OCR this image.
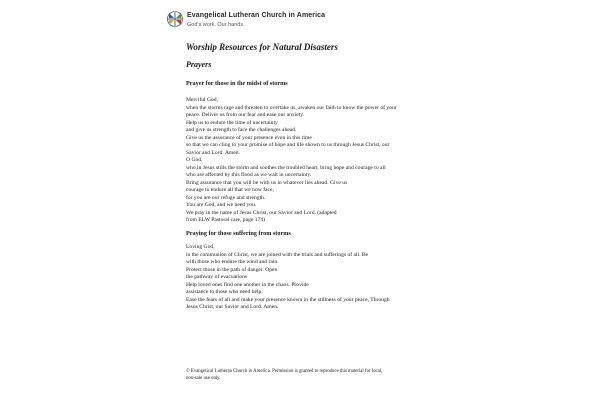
Evangelical Lutheran Church in America
God's work. Our hands.
Worship Resources for Natural Disasters
Prayers
Prayer for those in the midst of storms
Merciful God,
when the storms rage and threaten to overtake us, awaken our faith to know the power of your
peace. Deliver us from our fear and ease our anxiety.
Help us to endure the time of uncertainty
and give us strength to face the challenges ahead.
Give us the assurance of your presence even in this time
so that we can cling to your promise of hope and life shown to us through Jesus Christ, our
Savior and Lord. Amen.
O God,
who in Jesus stills the storm and soothes the troubled heart, bring hope and courage to all
who are affected by this flood as we wait in uncertainty.
Bring assurance that you will be with us in whatever lies ahead. Give us
courage to endure all that we now face,
for you are our refuge and strength.
You are God, and we need you.
We pray in the name of Jesus Christ, our Savior and Lord. (adapted
from ELW Pastoral care, page 174)
Praying for those suffering from storms
Loving God,
in the communion of Christ, we are joined with the trials and sufferings of all. Be
with those who endure the wind and rain.
Protect those in the path of danger. Open
the pathway of evacuations
Help loved ones find one another in the chaos. Provide
assistance to those who need help.
Ease the fears of all and make your presence known in the stillness of your peace, Through
Jesus Christ, our Savior and Lord. Amen.
© Evangelical Lutheran Church in America. Permission is granted to reproduce this material for local,
non-sale use only.
